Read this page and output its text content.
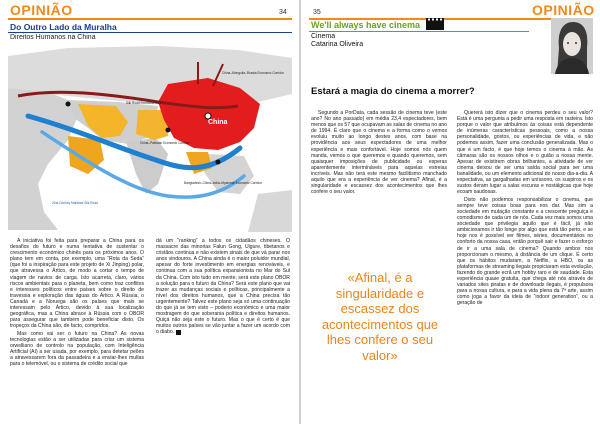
OPINIÃO	34
Do Outro Lado da Muralha
Direitos Humanos na China
China
China–Mongolia–Russia Economic Corridor
Silk Road Economic Belt
China–Pakistan Economic Corridor
Bangladesh–China–India–Myanmar Economic Corridor
21st-Century Maritime Silk Road

A iniciativa foi feita para preparar a China para os desafios do futuro e numa tentativa de sustentar o crescimento económico chinês para os próximos anos. O plano tem em conta, por exemplo, uma “Rota da Seda” (que foi a inspiração para este projeto de Xi Jinping) polar, que atravessa o Ártico, de modo a cortar o tempo de viagem de navios de carga. Isto acarreta, claro, vários riscos ambientais para o planeta, bem como traz conflitos e interesses políticos entre países sobre o direito de travessia e exploração das águas do Ártico. A Rússia, o Canadá e a Noruega são os países que mais se interessam pelo Ártico, devido à sua localização geográfica, mas a China abrace à Rússia com o OBOR para assegurar que também pode beneficiar disto. Os tropeços da China são, de facto, compridos.

Mas como vai ser o futuro na China? As novas tecnologias estão a ser utilizadas para criar um sistema orwelliano de controlo na população, com Inteligência Artificial (AI) a ser usada, por exemplo, para detetar peões a atravessarem fora da passadeira e a enviar-lhes multas para o telemóvel, ou o sistema de crédito social que

dá um “ranking” a todos os cidadãos chineses. O massacre das minorias Falun Gong, Uigure, tibetanos e cristãos continua e não existem sinais de que vá parar nos anos vindouros. A China ainda é o maior poluidor mundial, apesar do forte investimento em energias renováveis, e continua com a sua política expansionista no Mar do Sul da China. Com isto tudo em mente, será este plano OBOR a solução para o futuro da China? Será este plano que vai trazer as mudanças sociais e políticas, principalmente a nível dos direitos humanos, que a China precisa tão urgentemente? Talvez este plano seja só uma continuação do que já se tem visto – poderio económico e uma maior mostragem do que soberania política e direitos humanos. Quiçá não seja este o futuro. Mas o que é certo é que muitos outros países se vão juntar a fazer um acordo com o diabo.

35	OPINIÃO
We'll always have cinema
Cinema
Catarina Oliveira
Estará a magia do cinema a morrer?

Segundo a PorData, cada sessão de cinema teve (este ano? No ano passado) em média 23,4 espectadores, bem menos que os 57 que ocupavam as salas de cinema no ano de 1994. É claro que o cinema e a forma como o vemos evoluiu muito ao longo destes anos, com base na providência aos seus espectadores de uma melhor experiência e mais confortável. Hoje somos nós quem manda, vemos o que queremos e quando queremos, sem quaisquer imposições de publicidade ou esperas aparentemente intermináveis para aquelas estreias incríveis. Mas não terá este mesmo facilitismo manchado aquilo que era a experiência de ver cinema? Afinal, é a singularidade e escassez dos acontecimentos que lhes confere o seu valor.

«Afinal, é a singularidade e escassez dos acontecimentos que lhes confere o seu valor»

Quererá isto dizer que o cinema perdeu o seu valor? Está é uma pergunta a pedir uma resposta em rasteira. Isto porque o valor que atribuímos às coisas está dependente de inúmeras características pessoais, como a nossa personalidade, gostos, ou experiências de vida, e não podemos assim, fazer uma conclusão generalizada. Mas o que é um facto, é que hoje temos o cinema à mão. As câmaras são os nossos olhos e o guião a nossa mente. Apesar de existirem obras brilhantes, a atividade de ver cinema deixou de ser uma saída social para ser uma banalidade, ou um elemento adicional do nosso dia-a-dia. A expectativa, as gargalhadas em uníssono, os suspiros e os sustos deram lugar a salas escuras e nostálgicas que hoje ecoam saudosas.

Disto não podemos responsabilizar o cinema, que sempre teve coisas boas para nos dar. Mas sim a sociedade em mutação constante e a crescente preguiça e comodismo de cada um de nós. Cada vez mais somos uma sociedade que privilegia aquilo que é fácil, já não ambicionamos ir tão longe por algo que está tão perto, e se hoje nos é possível ver filmes, séries, documentários no conforto da nossa casa, então porquê sair e fazer o esforço de ir a uma sala de cinema? Quando ambos nos proporcionam o mesmo, à distância de um clique. É certo que os hábitos mudaram, a Netflix, a HBO, ou as plataformas de streaming ilegais propiciaram esta evolução, fazendo do grande ecrã um hobby raro e de saudade. Esta experiência quase gratuita, que chega até nós através de variados sites piratas e de downloads ilegais, é propulsora para a nossa cultura, e para a vida plena da 7ª arte, assim como joga a favor da ideia de “indoor generation”, ou a geração de
